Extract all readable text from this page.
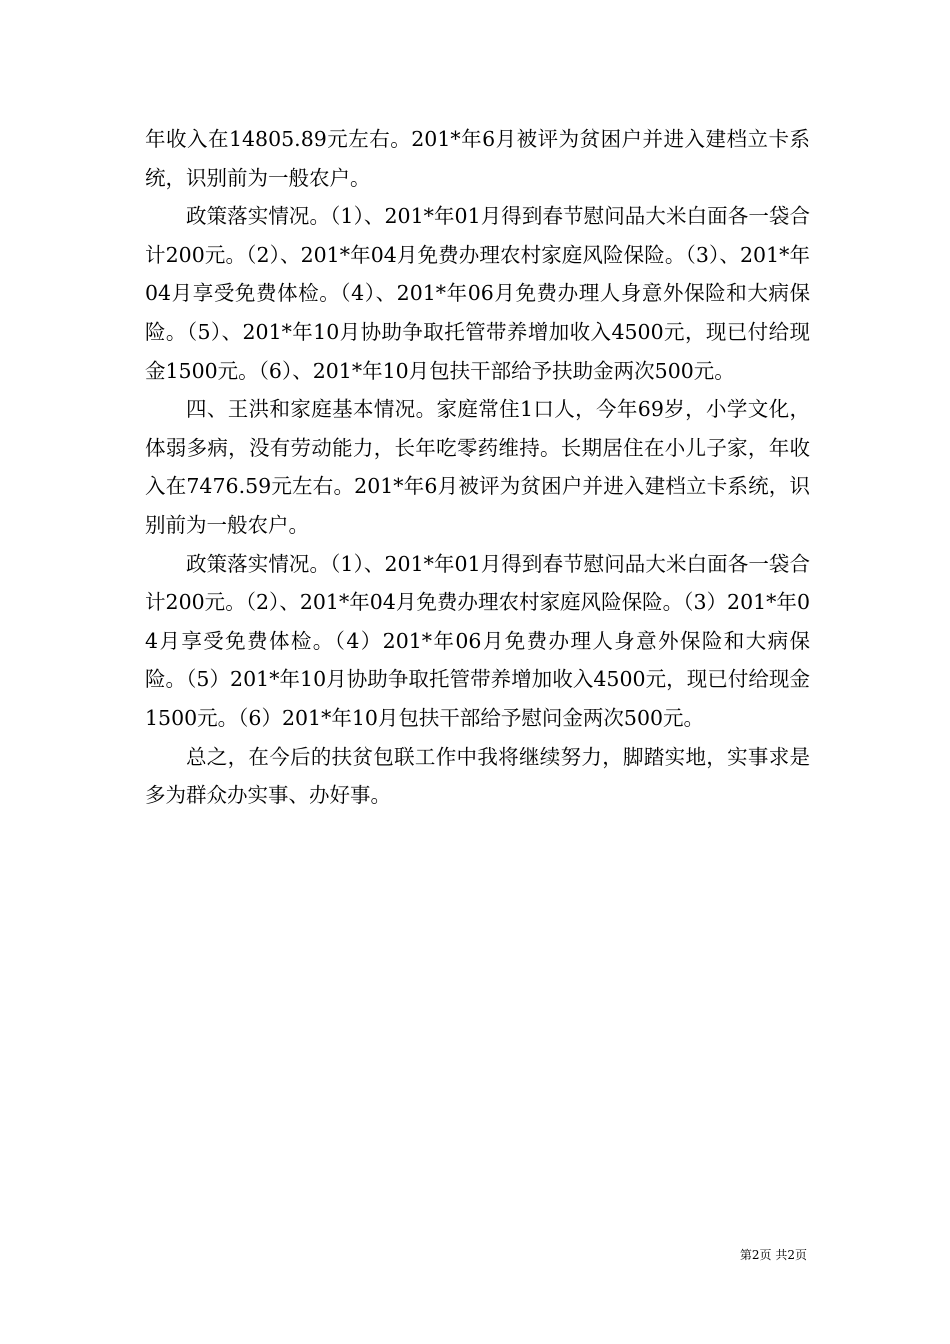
年收入在14805.89元左右。201*年6月被评为贫困户并进入建档立卡系统，识别前为一般农户。

政策落实情况。（1）、201*年01月得到春节慰问品大米白面各一袋合计200元。（2）、201*年04月免费办理农村家庭风险保险。（3）、201*年04月享受免费体检。（4）、201*年06月免费办理人身意外保险和大病保险。（5）、201*年10月协助争取托管带养增加收入4500元，现已付给现金1500元。（6）、201*年10月包扶干部给予扶助金两次500元。

四、王洪和家庭基本情况。家庭常住1口人，今年69岁，小学文化，体弱多病，没有劳动能力，长年吃零药维持。长期居住在小儿子家，年收入在7476.59元左右。201*年6月被评为贫困户并进入建档立卡系统，识别前为一般农户。

政策落实情况。（1）、201*年01月得到春节慰问品大米白面各一袋合计200元。（2）、201*年04月免费办理农村家庭风险保险。（3）201*年04月享受免费体检。（4）201*年06月免费办理人身意外保险和大病保险。（5）201*年10月协助争取托管带养增加收入4500元，现已付给现金1500元。（6）201*年10月包扶干部给予慰问金两次500元。

总之，在今后的扶贫包联工作中我将继续努力，脚踏实地，实事求是多为群众办实事、办好事。

第2页 共2页
